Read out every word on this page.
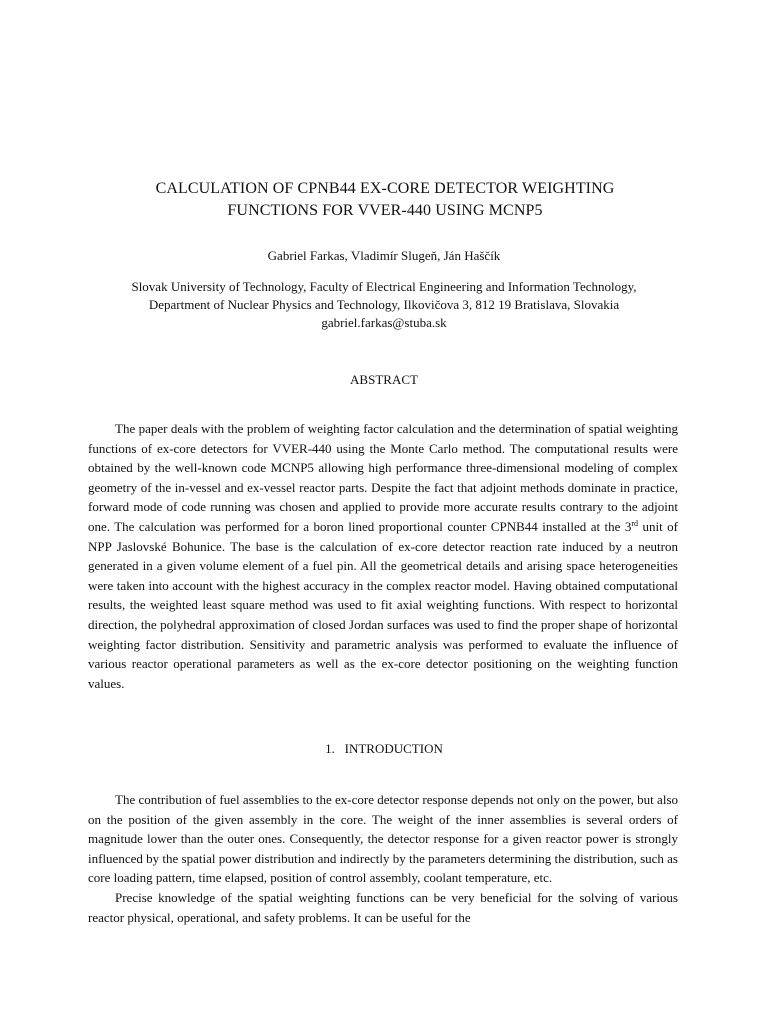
CALCULATION OF CPNB44 EX-CORE DETECTOR WEIGHTING
FUNCTIONS FOR VVER-440 USING MCNP5
Gabriel Farkas, Vladimír Slugeň, Ján Haščík
Slovak University of Technology, Faculty of Electrical Engineering and Information Technology,
Department of Nuclear Physics and Technology, Ilkovičova 3, 812 19 Bratislava, Slovakia
gabriel.farkas@stuba.sk
ABSTRACT

The paper deals with the problem of weighting factor calculation and the determination of spatial weighting functions of ex-core detectors for VVER-440 using the Monte Carlo method. The computational results were obtained by the well-known code MCNP5 allowing high performance three-dimensional modeling of complex geometry of the in-vessel and ex-vessel reactor parts. Despite the fact that adjoint methods dominate in practice, forward mode of code running was chosen and applied to provide more accurate results contrary to the adjoint one. The calculation was performed for a boron lined proportional counter CPNB44 installed at the 3rd unit of NPP Jaslovské Bohunice. The base is the calculation of ex-core detector reaction rate induced by a neutron generated in a given volume element of a fuel pin. All the geometrical details and arising space heterogeneities were taken into account with the highest accuracy in the complex reactor model. Having obtained computational results, the weighted least square method was used to fit axial weighting functions. With respect to horizontal direction, the polyhedral approximation of closed Jordan surfaces was used to find the proper shape of horizontal weighting factor distribution. Sensitivity and parametric analysis was performed to evaluate the influence of various reactor operational parameters as well as the ex-core detector positioning on the weighting function values.

1.   INTRODUCTION

The contribution of fuel assemblies to the ex-core detector response depends not only on the power, but also on the position of the given assembly in the core. The weight of the inner assemblies is several orders of magnitude lower than the outer ones. Consequently, the detector response for a given reactor power is strongly influenced by the spatial power distribution and indirectly by the parameters determining the distribution, such as core loading pattern, time elapsed, position of control assembly, coolant temperature, etc.

Precise knowledge of the spatial weighting functions can be very beneficial for the solving of various reactor physical, operational, and safety problems. It can be useful for the
